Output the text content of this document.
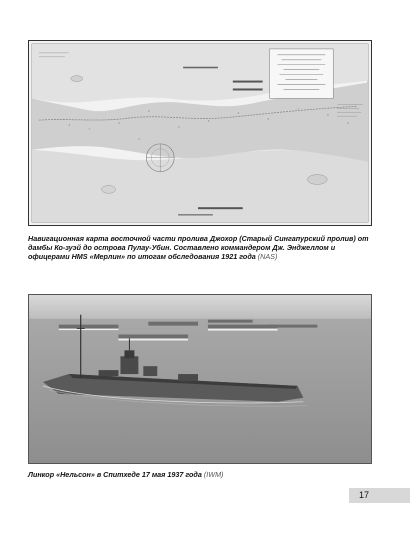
5
7
6
8
9
5
4
6
7
8
9
4
Навигационная карта восточной части пролива Джохор (Старый Сингапурский пролив) от дамбы Ко-зуэй до острова Пулау-Убин. Составлено коммандером Дж. Энджеллом и офицерами HMS «Мерлин» по итогам обследования 1921 года (NAS)
Линкор «Нельсон» в Спитхеде 17 мая 1937 года (IWM)
17
